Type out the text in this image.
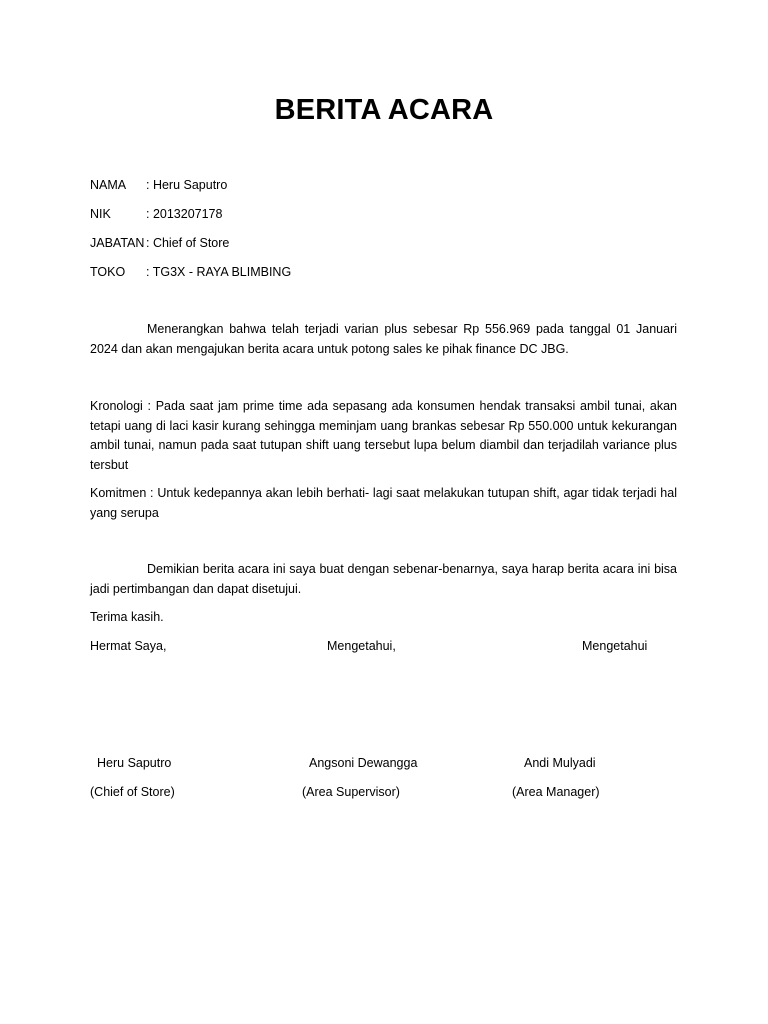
BERITA ACARA
NAMA : Heru Saputro
NIK	: 2013207178
JABATAN : Chief of Store
TOKO : TG3X - RAYA BLIMBING
Menerangkan bahwa telah terjadi varian plus sebesar Rp 556.969 pada tanggal 01 Januari 2024 dan akan mengajukan berita acara untuk potong sales ke pihak finance DC JBG.
Kronologi : Pada saat jam prime time ada sepasang ada konsumen hendak transaksi ambil tunai, akan tetapi uang di laci kasir kurang sehingga meminjam uang brankas sebesar Rp 550.000 untuk kekurangan ambil tunai, namun pada saat tutupan shift uang tersebut lupa belum diambil dan terjadilah variance plus tersbut
Komitmen : Untuk kedepannya akan lebih berhati- lagi saat melakukan tutupan shift, agar tidak terjadi hal yang serupa
Demikian berita acara ini saya buat dengan sebenar-benarnya, saya harap berita acara ini bisa jadi pertimbangan dan dapat disetujui.
Terima kasih.
Hermat Saya,	Mengetahui,	Mengetahui
Heru Saputro	Angsoni Dewangga	Andi Mulyadi
(Chief of Store)	(Area Supervisor)	(Area Manager)
